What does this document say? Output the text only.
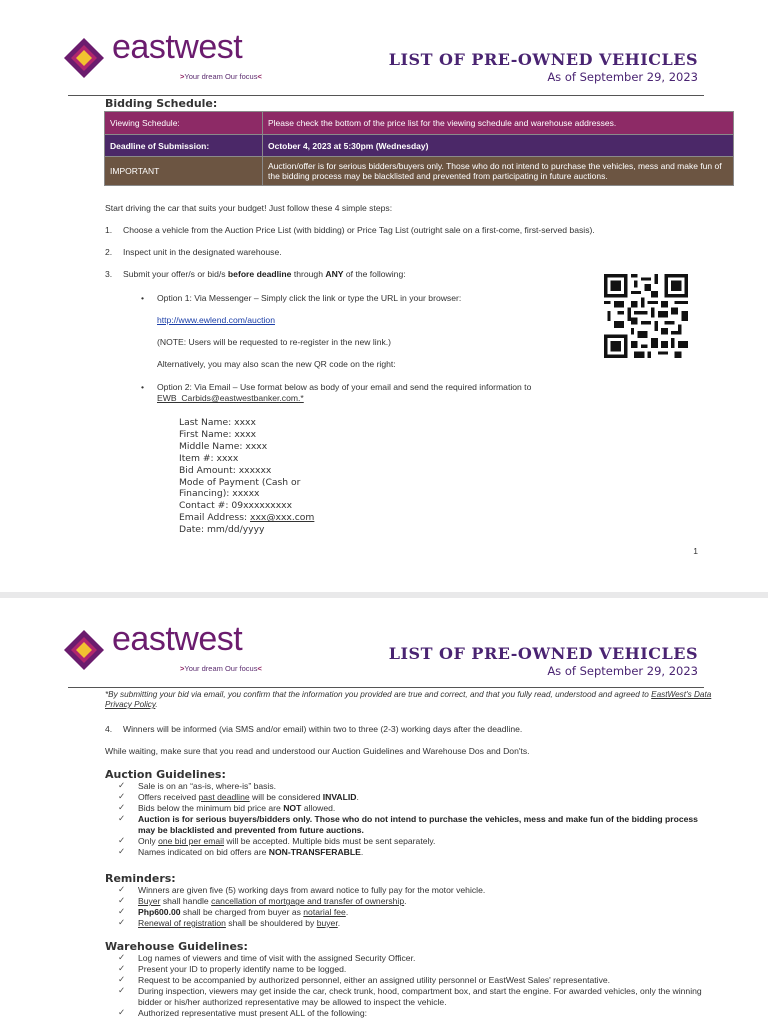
eastwest
>Your dream Our focus<
LIST OF PRE-OWNED VEHICLES
As of September 29, 2023
Bidding Schedule:
Viewing Schedule:	Please check the bottom of the price list for the viewing schedule and warehouse addresses.
Deadline of Submission:	October 4, 2023 at 5:30pm (Wednesday)
IMPORTANT	Auction/offer is for serious bidders/buyers only. Those who do not intend to purchase the vehicles, mess and make fun of the bidding process may be blacklisted and prevented from participating in future auctions.
Start driving the car that suits your budget! Just follow these 4 simple steps:
1. Choose a vehicle from the Auction Price List (with bidding) or Price Tag List (outright sale on a first-come, first-served basis).
2. Inspect unit in the designated warehouse.
3. Submit your offer/s or bid/s before deadline through ANY of the following:
• Option 1: Via Messenger – Simply click the link or type the URL in your browser:
http://www.ewlend.com/auction
(NOTE: Users will be requested to re-register in the new link.)
Alternatively, you may also scan the new QR code on the right:
• Option 2: Via Email – Use format below as body of your email and send the required information to
EWB_Carbids@eastwestbanker.com.*
Last Name: xxxx
First Name: xxxx
Middle Name: xxxx
Item #: xxxx
Bid Amount: xxxxxx
Mode of Payment (Cash or
Financing): xxxxx
Contact #: 09xxxxxxxxx
Email Address: xxx@xxx.com
Date: mm/dd/yyyy
1
eastwest
>Your dream Our focus<
LIST OF PRE-OWNED VEHICLES
As of September 29, 2023
*By submitting your bid via email, you confirm that the information you provided are true and correct, and that you fully read, understood and agreed to EastWest's Data Privacy Policy.
4. Winners will be informed (via SMS and/or email) within two to three (2-3) working days after the deadline.
While waiting, make sure that you read and understood our Auction Guidelines and Warehouse Dos and Don'ts.
Auction Guidelines:
✓ Sale is on an “as-is, where-is” basis.
✓ Offers received past deadline will be considered INVALID.
✓ Bids below the minimum bid price are NOT allowed.
✓ Auction is for serious buyers/bidders only. Those who do not intend to purchase the vehicles, mess and make fun of the bidding process may be blacklisted and prevented from future auctions.
✓ Only one bid per email will be accepted. Multiple bids must be sent separately.
✓ Names indicated on bid offers are NON-TRANSFERABLE.
Reminders:
✓ Winners are given five (5) working days from award notice to fully pay for the motor vehicle.
✓ Buyer shall handle cancellation of mortgage and transfer of ownership.
✓ Php600.00 shall be charged from buyer as notarial fee.
✓ Renewal of registration shall be shouldered by buyer.
Warehouse Guidelines:
✓ Log names of viewers and time of visit with the assigned Security Officer.
✓ Present your ID to properly identify name to be logged.
✓ Request to be accompanied by authorized personnel, either an assigned utility personnel or EastWest Sales' representative.
✓ During inspection, viewers may get inside the car, check trunk, hood, compartment box, and start the engine. For awarded vehicles, only the winning bidder or his/her authorized representative may be allowed to inspect the vehicle.
✓ Authorized representative must present ALL of the following:
